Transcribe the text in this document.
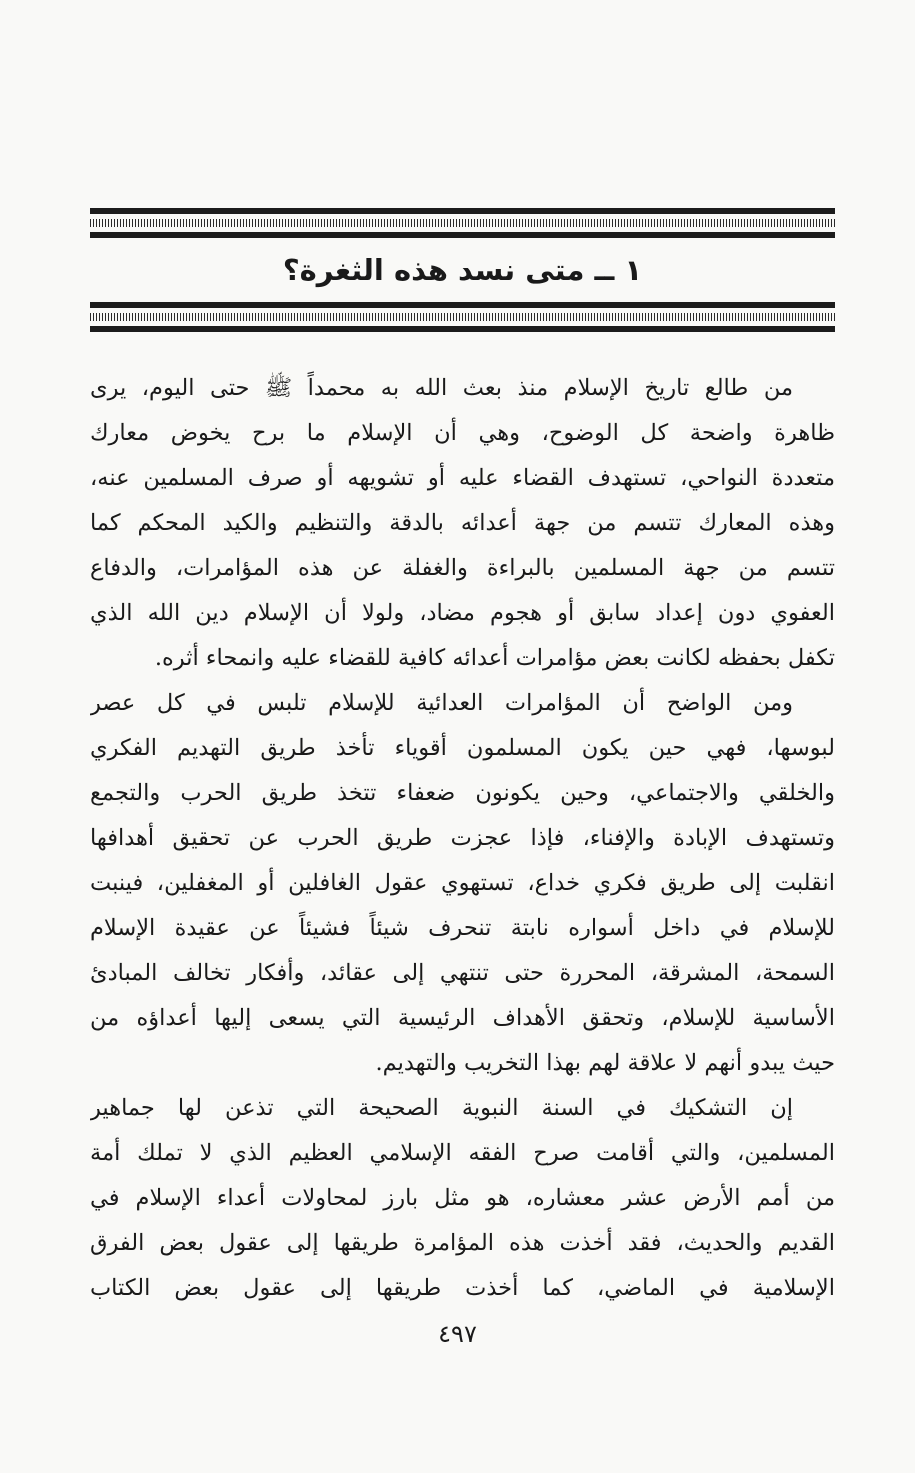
١ ــ متى نسد هذه الثغرة؟
من طالع تاريخ الإسلام منذ بعث الله به محمداً ﷺ حتى اليوم، يرى
ظاهرة واضحة كل الوضوح، وهي أن الإسلام ما برح يخوض معارك
متعددة النواحي، تستهدف القضاء عليه أو تشويهه أو صرف المسلمين عنه،
وهذه المعارك تتسم من جهة أعدائه بالدقة والتنظيم والكيد المحكم كما
تتسم من جهة المسلمين بالبراءة والغفلة عن هذه المؤامرات، والدفاع
العفوي دون إعداد سابق أو هجوم مضاد، ولولا أن الإسلام دين الله الذي
تكفل بحفظه لكانت بعض مؤامرات أعدائه كافية للقضاء عليه وانمحاء أثره.
ومن الواضح أن المؤامرات العدائية للإسلام تلبس في كل عصر
لبوسها، فهي حين يكون المسلمون أقوياء تأخذ طريق التهديم الفكري
والخلقي والاجتماعي، وحين يكونون ضعفاء تتخذ طريق الحرب والتجمع
وتستهدف الإبادة والإفناء، فإذا عجزت طريق الحرب عن تحقيق أهدافها
انقلبت إلى طريق فكري خداع، تستهوي عقول الغافلين أو المغفلين، فينبت
للإسلام في داخل أسواره نابتة تنحرف شيئاً فشيئاً عن عقيدة الإسلام
السمحة، المشرقة، المحررة حتى تنتهي إلى عقائد، وأفكار تخالف المبادئ
الأساسية للإسلام، وتحقق الأهداف الرئيسية التي يسعى إليها أعداؤه من
حيث يبدو أنهم لا علاقة لهم بهذا التخريب والتهديم.
إن التشكيك في السنة النبوية الصحيحة التي تذعن لها جماهير
المسلمين، والتي أقامت صرح الفقه الإسلامي العظيم الذي لا تملك أمة
من أمم الأرض عشر معشاره، هو مثل بارز لمحاولات أعداء الإسلام في
القديم والحديث، فقد أخذت هذه المؤامرة طريقها إلى عقول بعض الفرق
الإسلامية في الماضي، كما أخذت طريقها إلى عقول بعض الكتاب
٤٩٧
